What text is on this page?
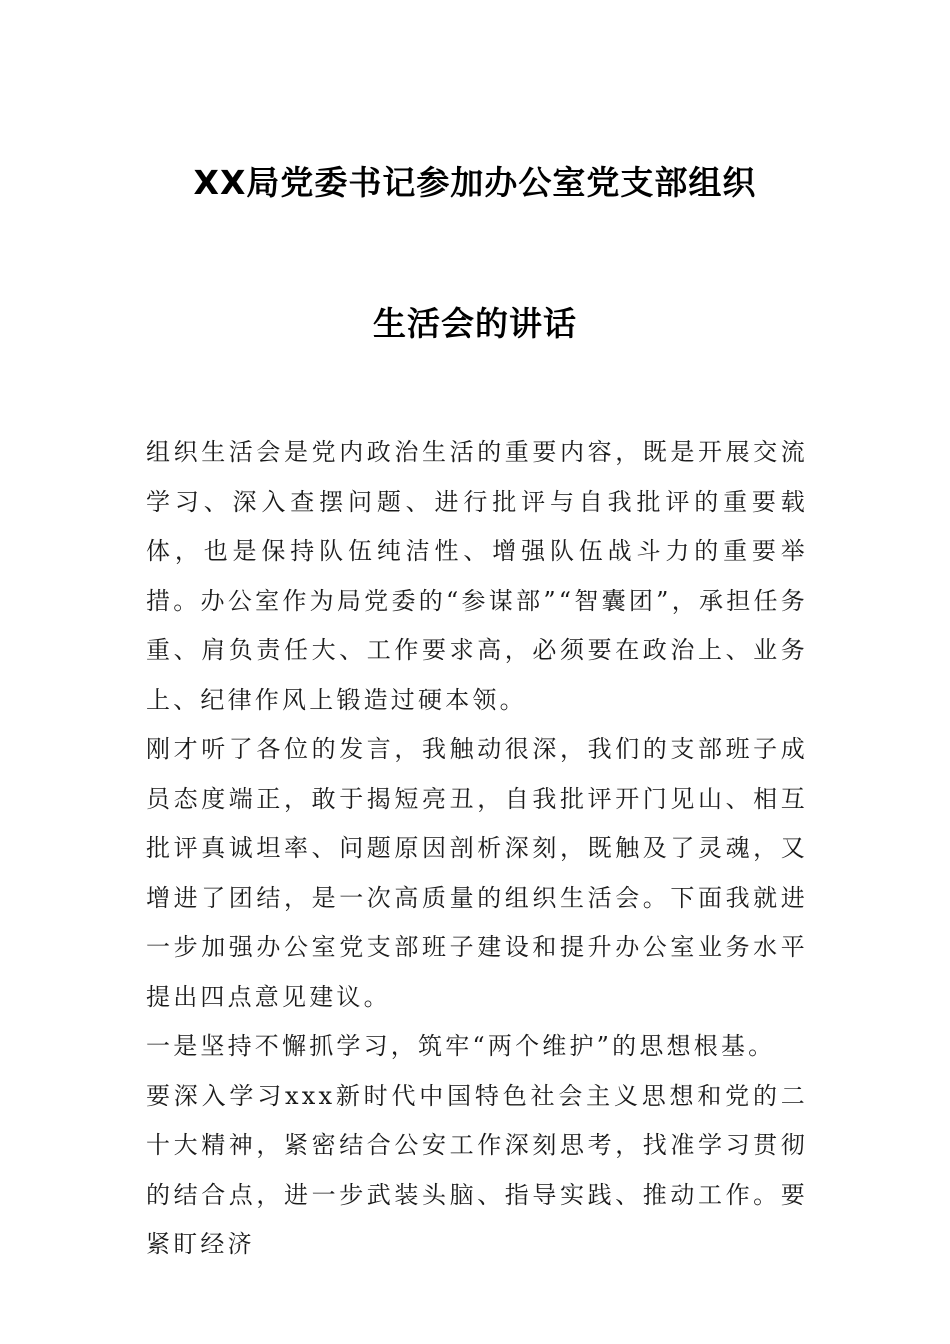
XX局党委书记参加办公室党支部组织
生活会的讲话

组织生活会是党内政治生活的重要内容，既是开展交流学习、深入查摆问题、进行批评与自我批评的重要载体，也是保持队伍纯洁性、增强队伍战斗力的重要举措。办公室作为局党委的“参谋部”“智囊团”，承担任务重、肩负责任大、工作要求高，必须要在政治上、业务上、纪律作风上锻造过硬本领。

刚才听了各位的发言，我触动很深，我们的支部班子成员态度端正，敢于揭短亮丑，自我批评开门见山、相互批评真诚坦率、问题原因剖析深刻，既触及了灵魂，又增进了团结，是一次高质量的组织生活会。下面我就进一步加强办公室党支部班子建设和提升办公室业务水平提出四点意见建议。

一是坚持不懈抓学习，筑牢“两个维护”的思想根基。

要深入学习xxx新时代中国特色社会主义思想和党的二十大精神，紧密结合公安工作深刻思考，找准学习贯彻的结合点，进一步武装头脑、指导实践、推动工作。要紧盯经济
